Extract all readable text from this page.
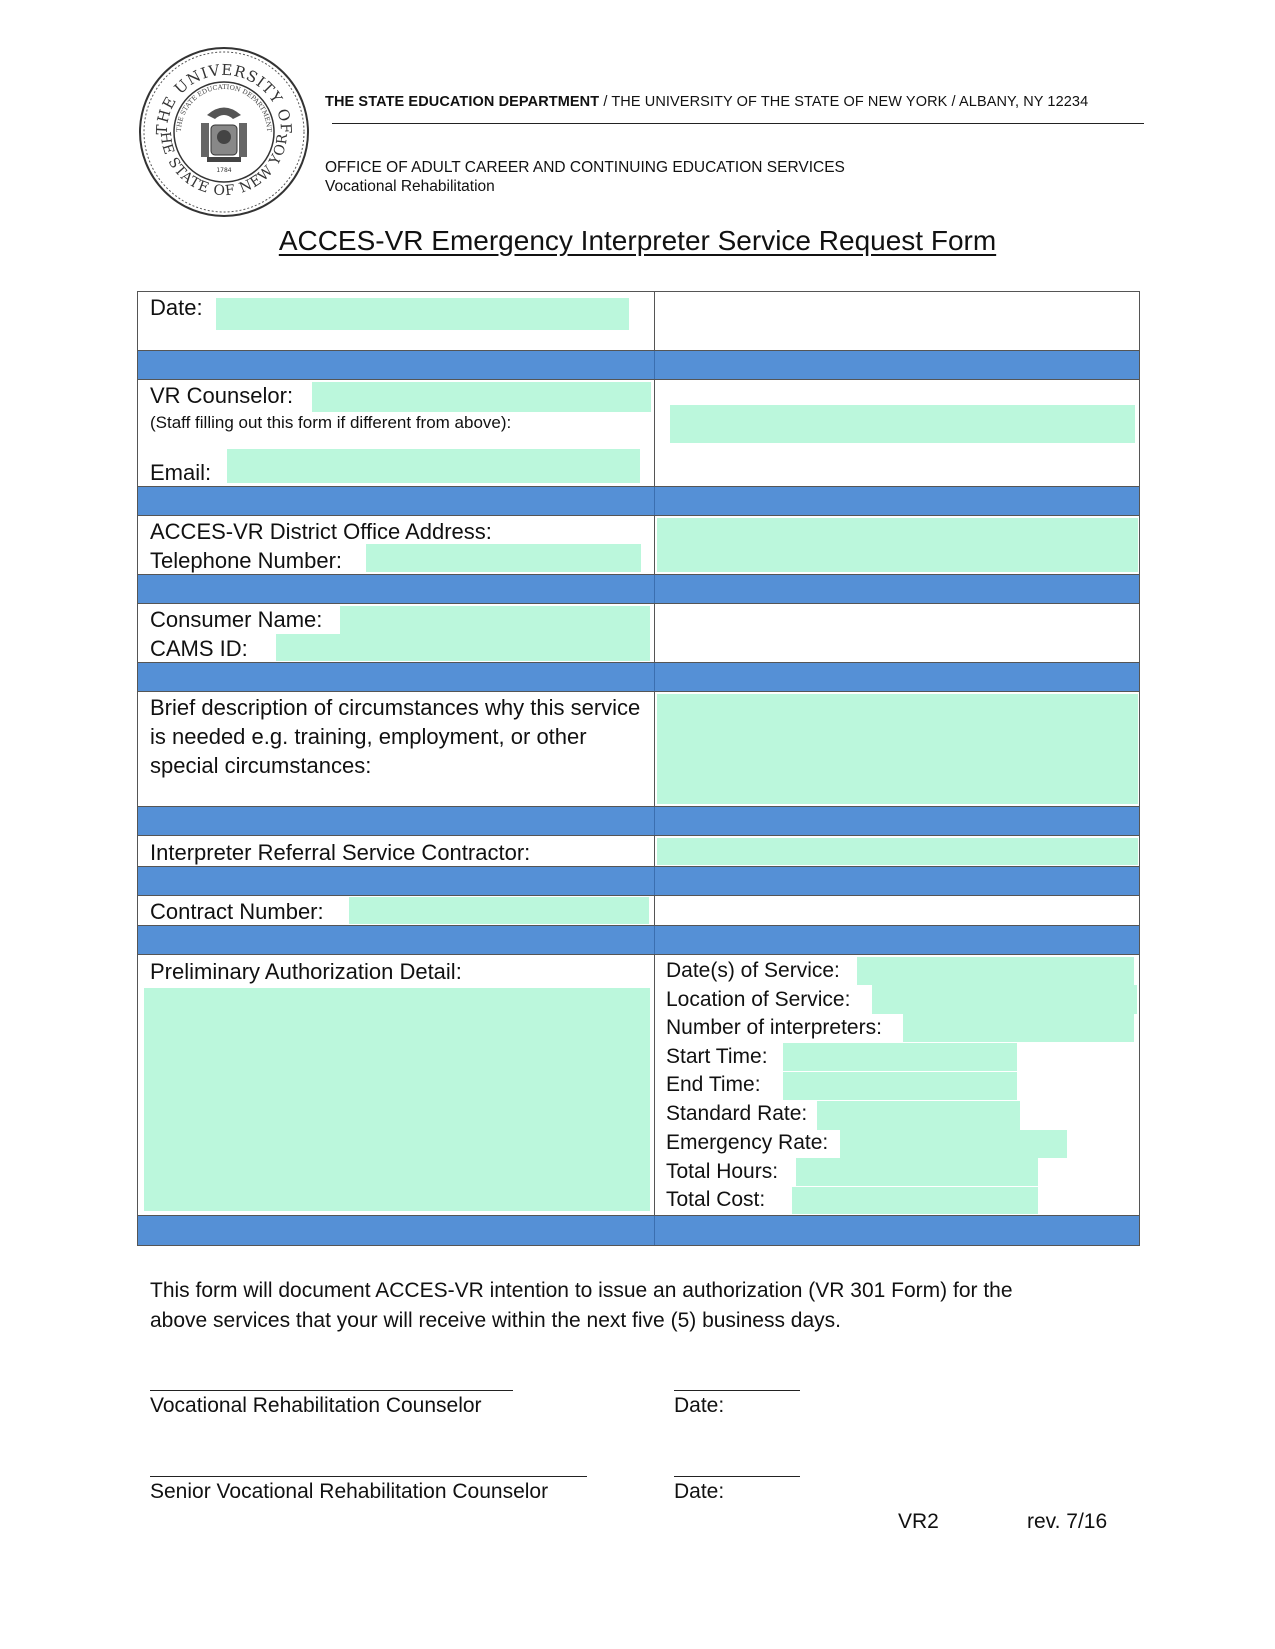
THE UNIVERSITY OF
HE STATE OF NEW YOR
THE STATE EDUCATION DEPARTMENT
1784
THE STATE EDUCATION DEPARTMENT / THE UNIVERSITY OF THE STATE OF NEW YORK / ALBANY, NY 12234
OFFICE OF ADULT CAREER AND CONTINUING EDUCATION SERVICES
Vocational Rehabilitation
ACCES-VR Emergency Interpreter Service Request Form
Date:
VR Counselor:
(Staff filling out this form if different from above):
Email:
ACCES-VR District Office Address:
Telephone Number:
Consumer Name:
CAMS ID:
Brief description of circumstances why this service is needed e.g. training, employment, or other special circumstances:
Interpreter Referral Service Contractor:
Contract Number:
Preliminary Authorization Detail:	Date(s) of Service:
Location of Service:
Number of interpreters:
Start Time:
End Time:
Standard Rate:
Emergency Rate:
Total Hours:
Total Cost:
This form will document ACCES-VR intention to issue an authorization (VR 301 Form) for the above services that your will receive within the next five (5) business days.
Vocational Rehabilitation Counselor	Date:
Senior Vocational Rehabilitation Counselor	Date:
VR2	rev. 7/16
